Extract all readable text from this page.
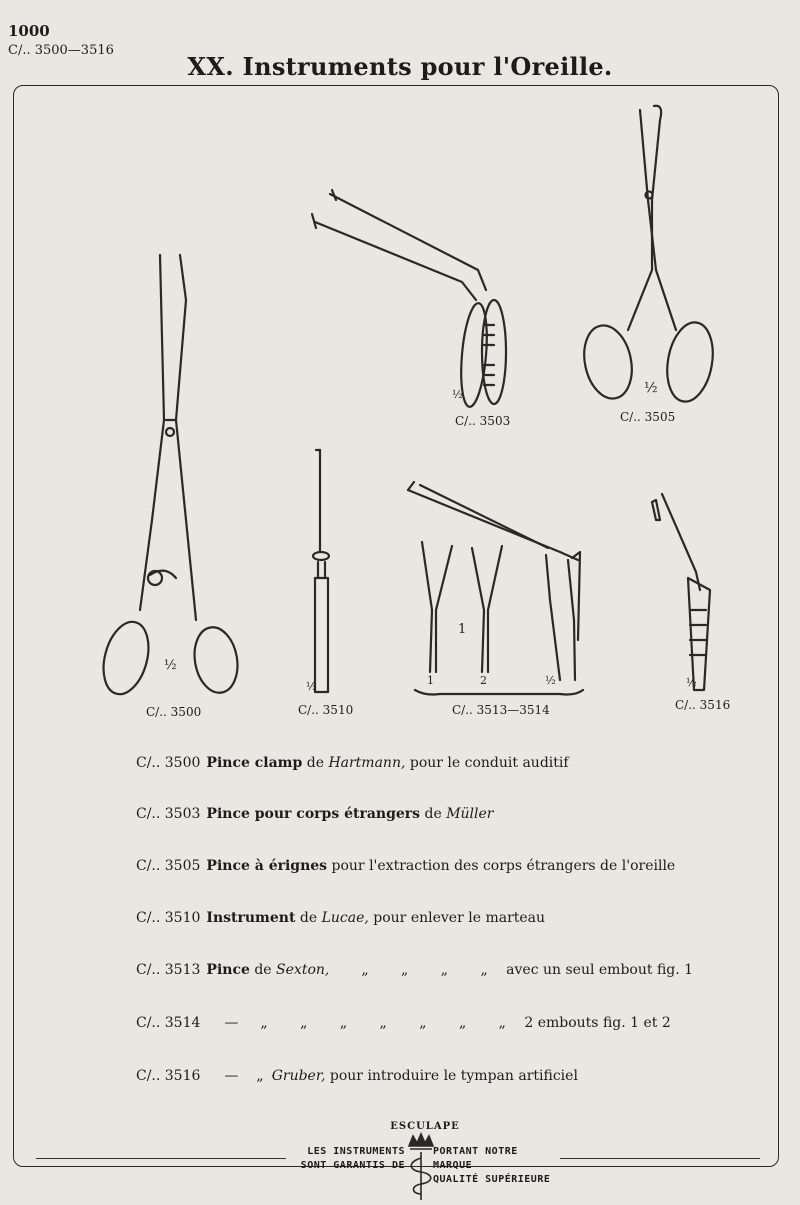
1000
C/.. 3500—3516
XX. Instruments pour l'Oreille.
C/.. 3500
C/.. 3503	C/.. 3505
C/.. 3510	C/.. 3513—3514	C/.. 3516
½
½
½
½
1
1	2	½	½
C/.. 3500 Pince clamp de Hartmann, pour le conduit auditif
C/.. 3503 Pince pour corps étrangers de Müller
C/.. 3505 Pince à érignes pour l'extraction des corps étrangers de l'oreille
C/.. 3510 Instrument de Lucae, pour enlever le marteau
C/.. 3513 Pince de Sexton, „ „ „ „ avec un seul embout fig. 1
C/.. 3514 — „ „ „ „ „ „ „ 2 embouts fig. 1 et 2
C/.. 3516 — „ Gruber, pour introduire le tympan artificiel
ESCULAPE
LES INSTRUMENTS
SONT GARANTIS DE
PORTANT NOTRE MARQUE
QUALITÉ SUPÉRIEURE
